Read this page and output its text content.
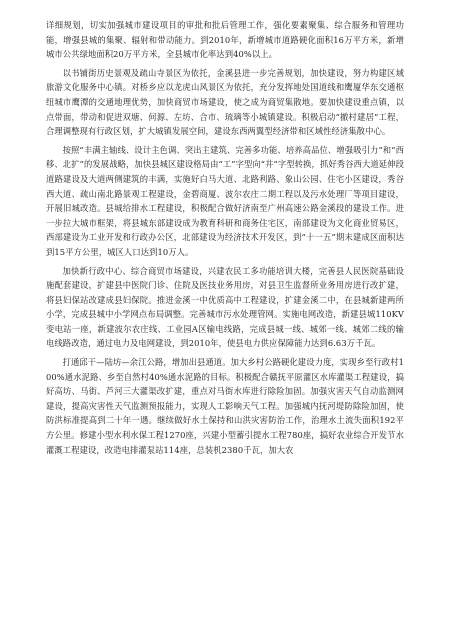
详细规划，切实加强城市建设项目的审批和批后管理工作，强化要素聚集、综合服务和管理功能，增强县城的集聚、辐射和带动能力。到2010年，新增城市道路硬化面积16万平方米，新增城市公共绿地面积20万平方米，全县城市化率达到40%以上。

以书铺街历史景观及疏山寺景区为依托，金溪县进一步完善规划，加快建设，努力构建区域旅游文化服务中心镇。对桥乡应以龙虎山风景区为依托，充分发挥地处国道线和鹰厦华东交通枢纽城市鹰潭的交通地理优势，加快商贸市场建设，使之成为商贸集散地。要加快建设重点镇，以点带面，带动和促进双塘、何源、左坊、合市、琉璃等小城镇建设。积极启动“撤村建居”工程，合理调整现有行政区划，扩大城镇发展空间，建设东西两翼型经济带和区域性经济集散中心。

按照“丰满主轴线、设计主色调、突出主建筑、完善多功能、培养高品位、增强吸引力”和“西移、北扩”的发展战略，加快县城区建设格局由“工”字型向“井”字型转换，抓好秀谷西大道延伸段道路建设及大道两侧建筑的丰满，实施好白马大道、北路利路、象山公园、住宅小区建设，秀谷西大道、疏山南北路景观工程建设，金碧商厦、波尔农庄二期工程以及污水处理厂等项目建设，开展旧城改造。县城给排水工程建设，积极配合做好济南至广州高速公路金溪段的建设工作。进一步拉大城市框架，将县城东部建设成为教育科研和商务住宅区，南部建设为文化商业贸易区，西部建设为工业开发和行政办公区，北部建设为经济技术开发区，到“十一五”期末建成区面积达到15平方公里，城区人口达到10万人。

加快新行政中心、综合商贸市场建设，兴建农民工多功能培训大楼，完善县人民医院基础设施配套建设，扩建县中医院门诊、住院及医技业务用房，对县卫生监督所业务用房进行改扩建，将县妇保站改建成县妇保院。推进金溪一中优质高中工程建设，扩建金溪二中，在县城新建两所小学，完成县城中小学网点布局调整。完善城市污水处理管网。实施电网改造，新建县城110KV变电站一座，新建波尔农庄线、工业园A区输电线路，完成县城一线、城郊一线、城郊二线的输电线路改造，通过电力及电网建设，到2010年，使县电力供应保障能力达到6.63万千瓦。

打通邱干—陆坊—余江公路，增加出县通道。加大乡村公路硬化建设力度，实现乡至行政村100%通水泥路、乡至自然村40%通水泥路的目标。积极配合赣抚平原灌区水库灌渠工程建设，搞好高坊、马街、芦河三大灌渠改扩建，重点对马街水库进行除险加固。加强灾害天气自动监测网建设，提高灾害性天气监测预报能力，实现人工影响天气工程。加强城内抚河堤防除险加固，使防洪标准提高到二十年一遇。继续做好水土保持和山洪灾害防治工作，治理水土流失面积192平方公里。修建小型水利水保工程1270座，兴建小型蓄引提水工程780座，搞好农业综合开发节水灌溉工程建设，改造电排灌泵站114座，总装机2380千瓦，加大农
